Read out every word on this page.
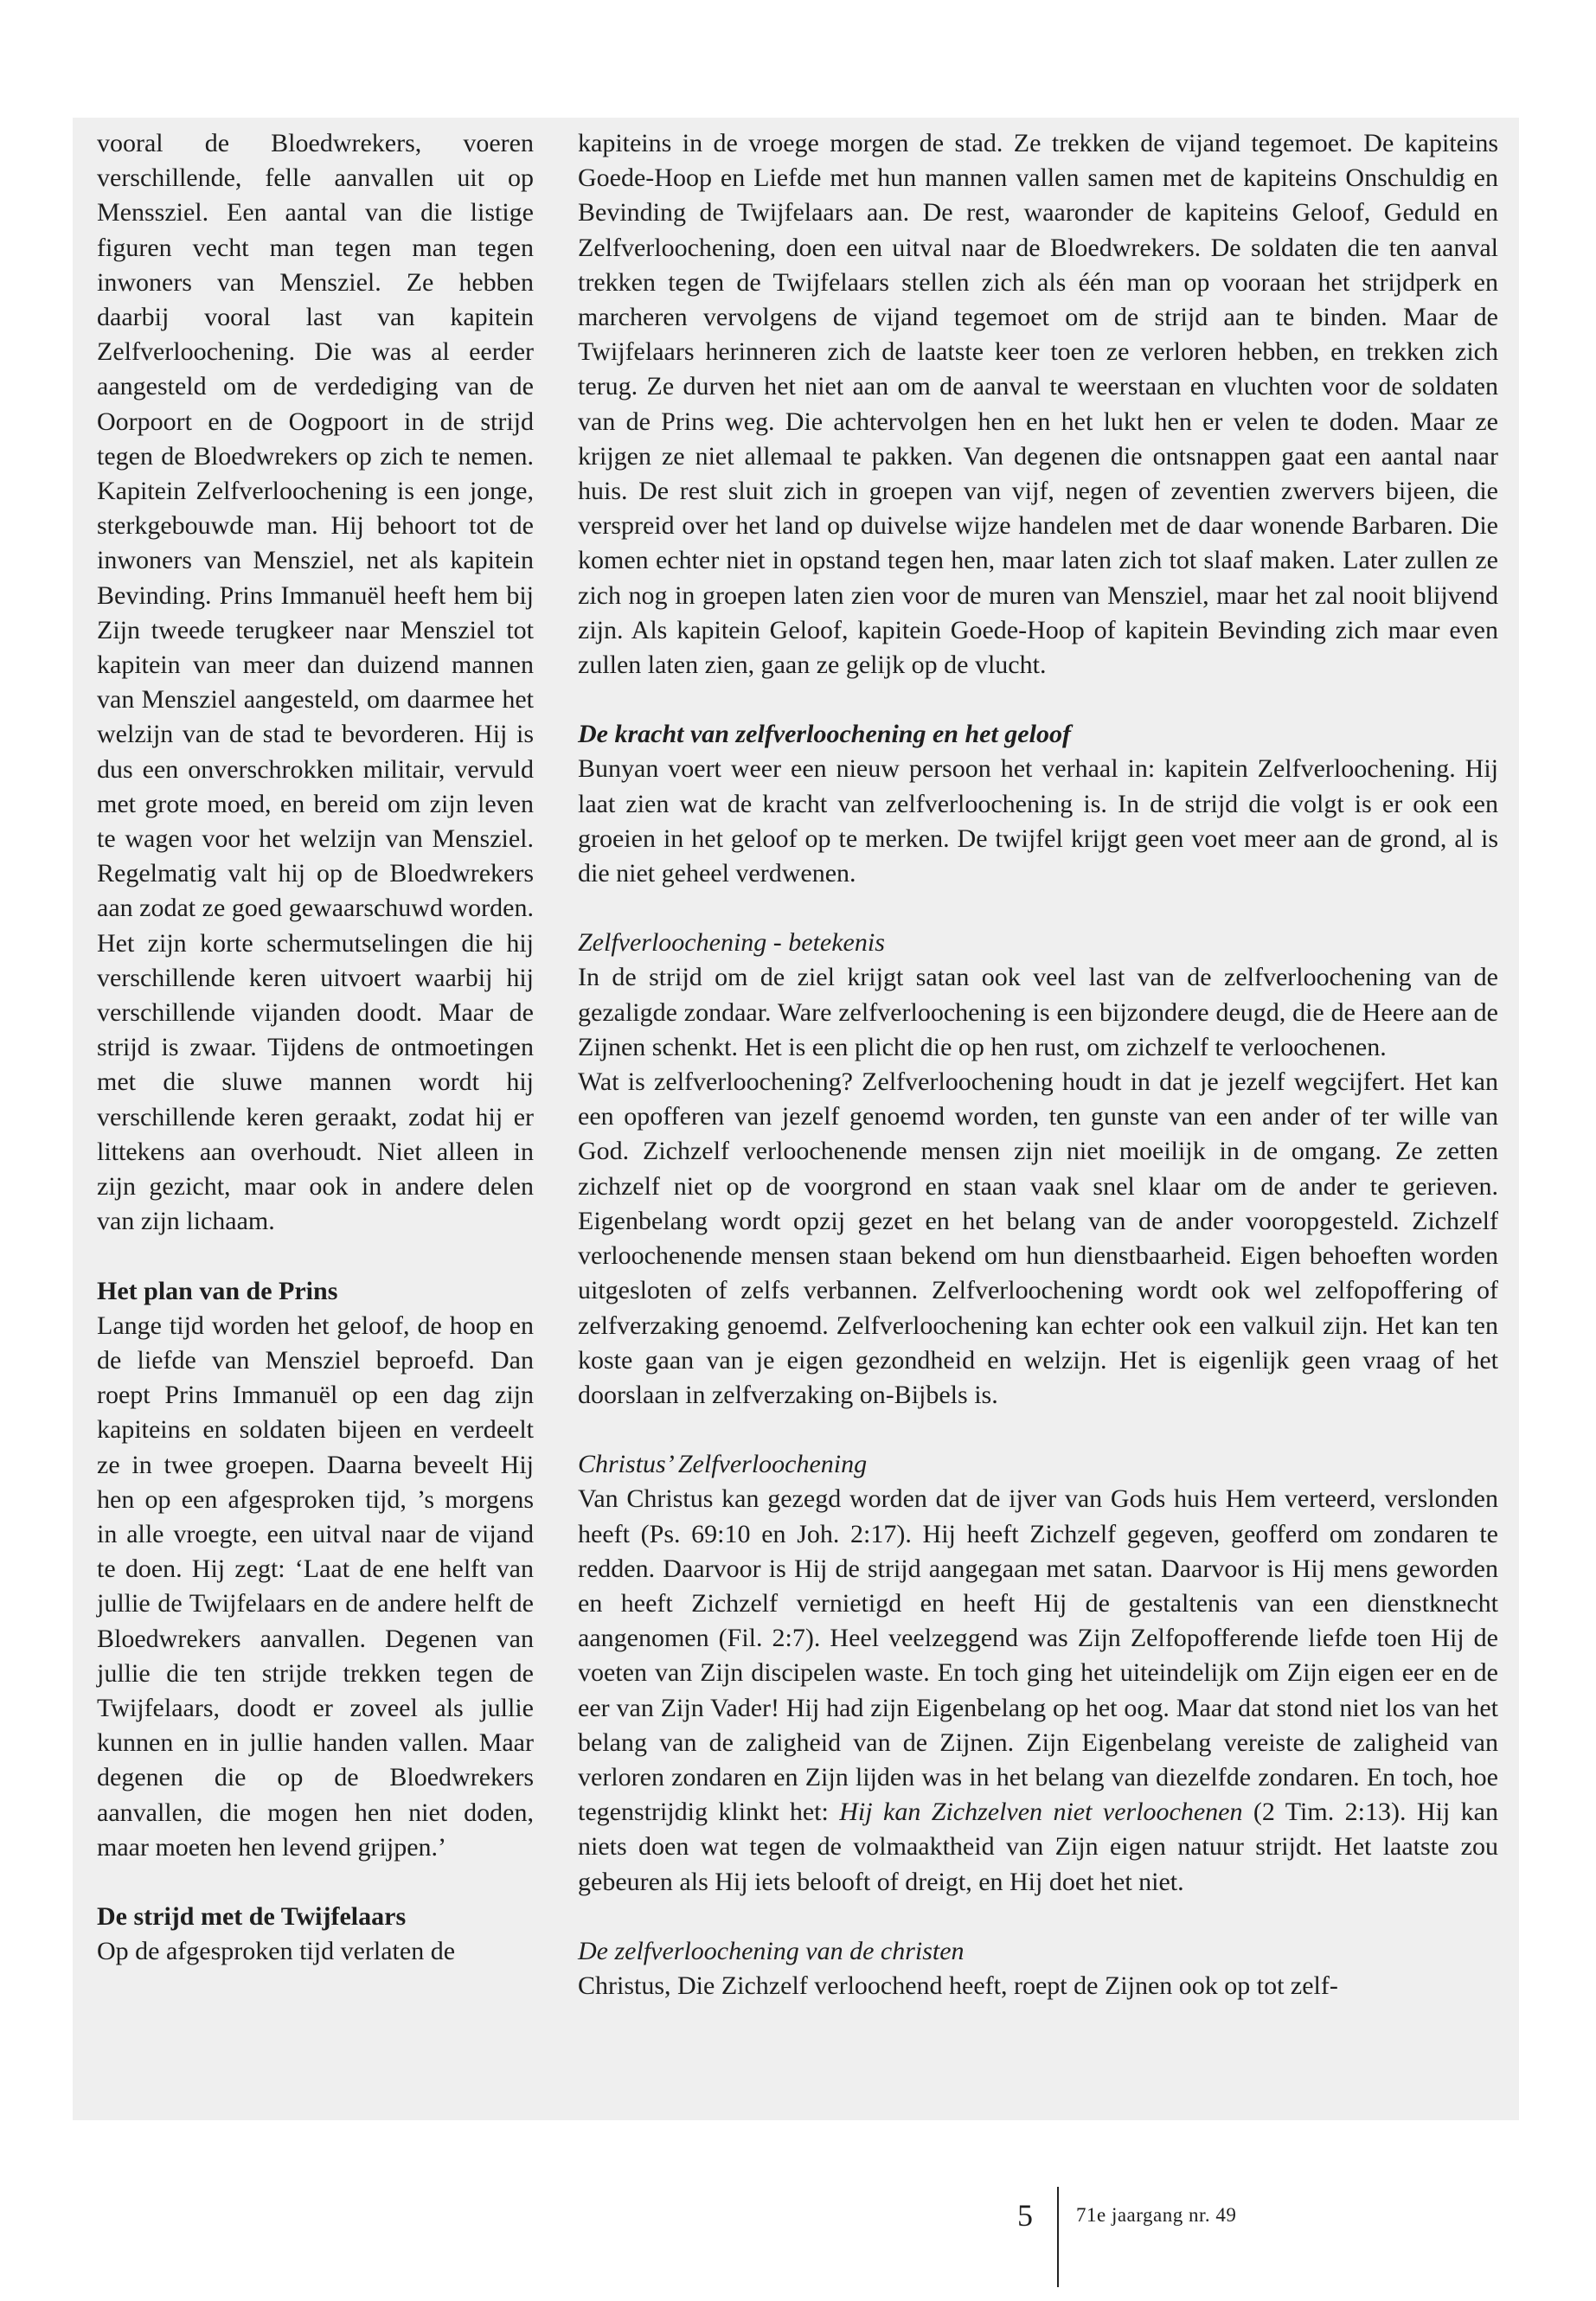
vooral de Bloedwrekers, voeren verschillende, felle aanvallen uit op Menssziel. Een aantal van die listige figuren vecht man tegen man tegen inwoners van Mensziel. Ze hebben daarbij vooral last van kapitein Zelfverloochening. Die was al eerder aangesteld om de verdediging van de Oorpoort en de Oogpoort in de strijd tegen de Bloedwrekers op zich te nemen. Kapitein Zelfverloochening is een jonge, sterkgebouwde man. Hij behoort tot de inwoners van Mensziel, net als kapitein Bevinding. Prins Immanuël heeft hem bij Zijn tweede terugkeer naar Mensziel tot kapitein van meer dan duizend mannen van Mensziel aangesteld, om daarmee het welzijn van de stad te bevorderen. Hij is dus een onverschrokken militair, vervuld met grote moed, en bereid om zijn leven te wagen voor het welzijn van Mensziel. Regelmatig valt hij op de Bloedwrekers aan zodat ze goed gewaarschuwd worden. Het zijn korte schermutselingen die hij verschillende keren uitvoert waarbij hij verschillende vijanden doodt. Maar de strijd is zwaar. Tijdens de ontmoetingen met die sluwe mannen wordt hij verschillende keren geraakt, zodat hij er littekens aan overhoudt. Niet alleen in zijn gezicht, maar ook in andere delen van zijn lichaam.

Het plan van de Prins

Lange tijd worden het geloof, de hoop en de liefde van Mensziel beproefd. Dan roept Prins Immanuël op een dag zijn kapiteins en soldaten bijeen en verdeelt ze in twee groepen. Daarna beveelt Hij hen op een afgesproken tijd, ’s morgens in alle vroegte, een uitval naar de vijand te doen. Hij zegt: ‘Laat de ene helft van jullie de Twijfelaars en de andere helft de Bloedwrekers aanvallen. Degenen van jullie die ten strijde trekken tegen de Twijfelaars, doodt er zoveel als jullie kunnen en in jullie handen vallen. Maar degenen die op de Bloedwrekers aanvallen, die mogen hen niet doden, maar moeten hen levend grijpen.’

De strijd met de Twijfelaars

Op de afgesproken tijd verlaten de

kapiteins in de vroege morgen de stad. Ze trekken de vijand tegemoet. De kapiteins Goede-Hoop en Liefde met hun mannen vallen samen met de kapiteins Onschuldig en Bevinding de Twijfelaars aan. De rest, waaronder de kapiteins Geloof, Geduld en Zelfverloochening, doen een uitval naar de Bloedwrekers. De soldaten die ten aanval trekken tegen de Twijfelaars stellen zich als één man op vooraan het strijdperk en marcheren vervolgens de vijand tegemoet om de strijd aan te binden. Maar de Twijfelaars herinneren zich de laatste keer toen ze verloren hebben, en trekken zich terug. Ze durven het niet aan om de aanval te weerstaan en vluchten voor de soldaten van de Prins weg. Die achtervolgen hen en het lukt hen er velen te doden. Maar ze krijgen ze niet allemaal te pakken. Van degenen die ontsnappen gaat een aantal naar huis. De rest sluit zich in groepen van vijf, negen of zeventien zwervers bijeen, die verspreid over het land op duivelse wijze handelen met de daar wonende Barbaren. Die komen echter niet in opstand tegen hen, maar laten zich tot slaaf maken. Later zullen ze zich nog in groepen laten zien voor de muren van Mensziel, maar het zal nooit blijvend zijn. Als kapitein Geloof, kapitein Goede-Hoop of kapitein Bevinding zich maar even zullen laten zien, gaan ze gelijk op de vlucht.

De kracht van zelfverloochening en het geloof

Bunyan voert weer een nieuw persoon het verhaal in: kapitein Zelfverloochening. Hij laat zien wat de kracht van zelfverloochening is. In de strijd die volgt is er ook een groeien in het geloof op te merken. De twijfel krijgt geen voet meer aan de grond, al is die niet geheel verdwenen.

Zelfverloochening - betekenis

In de strijd om de ziel krijgt satan ook veel last van de zelfverloochening van de gezaligde zondaar. Ware zelfverloochening is een bijzondere deugd, die de Heere aan de Zijnen schenkt. Het is een plicht die op hen rust, om zichzelf te verloochenen.

Wat is zelfverloochening? Zelfverloochening houdt in dat je jezelf wegcijfert. Het kan een opofferen van jezelf genoemd worden, ten gunste van een ander of ter wille van God. Zichzelf verloochenende mensen zijn niet moeilijk in de omgang. Ze zetten zichzelf niet op de voorgrond en staan vaak snel klaar om de ander te gerieven. Eigenbelang wordt opzij gezet en het belang van de ander vooropgesteld. Zichzelf verloochenende mensen staan bekend om hun dienstbaarheid. Eigen behoeften worden uitgesloten of zelfs verbannen. Zelfverloochening wordt ook wel zelfopoffering of zelfverzaking genoemd. Zelfverloochening kan echter ook een valkuil zijn. Het kan ten koste gaan van je eigen gezondheid en welzijn. Het is eigenlijk geen vraag of het doorslaan in zelfverzaking on-Bijbels is.

Christus’ Zelfverloochening

Van Christus kan gezegd worden dat de ijver van Gods huis Hem verteerd, verslonden heeft (Ps. 69:10 en Joh. 2:17). Hij heeft Zichzelf gegeven, geofferd om zondaren te redden. Daarvoor is Hij de strijd aangegaan met satan. Daarvoor is Hij mens geworden en heeft Zichzelf vernietigd en heeft Hij de gestaltenis van een dienstknecht aangenomen (Fil. 2:7). Heel veelzeggend was Zijn Zelfopofferende liefde toen Hij de voeten van Zijn discipelen waste. En toch ging het uiteindelijk om Zijn eigen eer en de eer van Zijn Vader! Hij had zijn Eigenbelang op het oog. Maar dat stond niet los van het belang van de zaligheid van de Zijnen. Zijn Eigenbelang vereiste de zaligheid van verloren zondaren en Zijn lijden was in het belang van diezelfde zondaren. En toch, hoe tegenstrijdig klinkt het: Hij kan Zichzelven niet verloochenen (2 Tim. 2:13). Hij kan niets doen wat tegen de volmaaktheid van Zijn eigen natuur strijdt. Het laatste zou gebeuren als Hij iets belooft of dreigt, en Hij doet het niet.

De zelfverloochening van de christen

Christus, Die Zichzelf verloochend heeft, roept de Zijnen ook op tot zelf-

5 71e jaargang nr. 49
